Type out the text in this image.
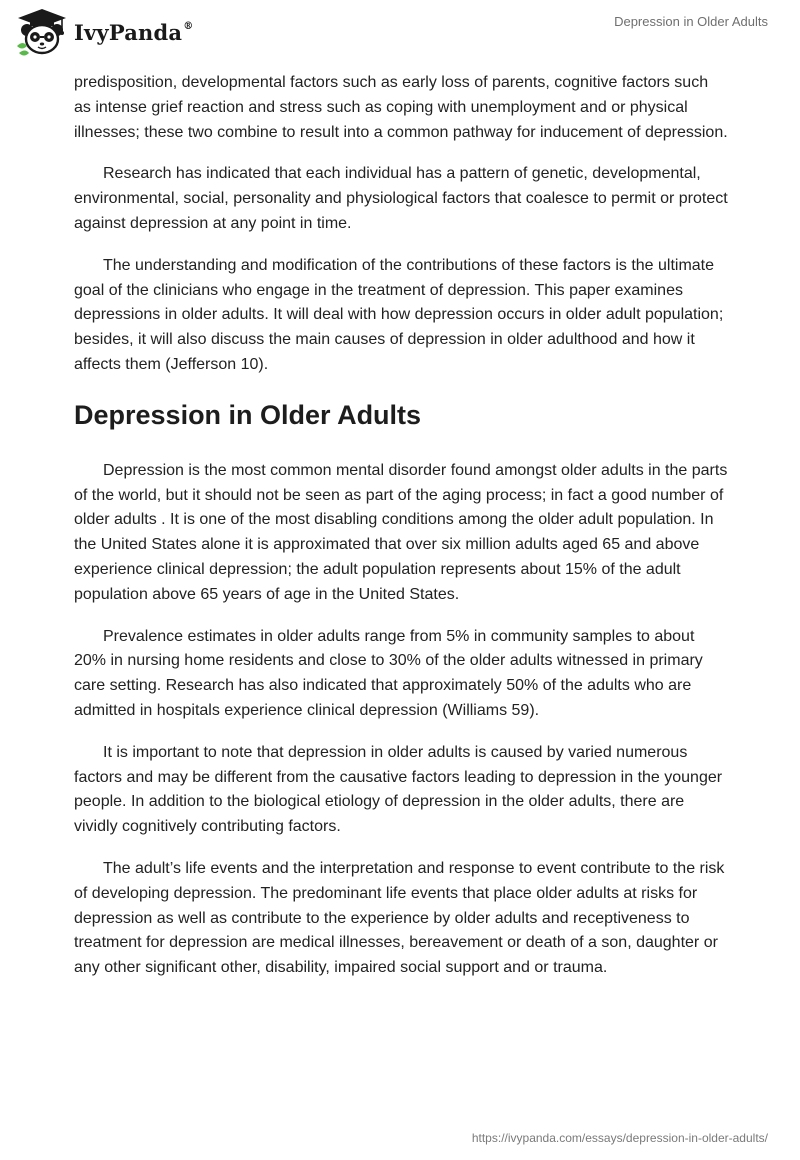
IvyPanda®	Depression in Older Adults

predisposition, developmental factors such as early loss of parents, cognitive factors such as intense grief reaction and stress such as coping with unemployment and or physical illnesses; these two combine to result into a common pathway for inducement of depression.

Research has indicated that each individual has a pattern of genetic, developmental, environmental, social, personality and physiological factors that coalesce to permit or protect against depression at any point in time.

The understanding and modification of the contributions of these factors is the ultimate goal of the clinicians who engage in the treatment of depression. This paper examines depressions in older adults. It will deal with how depression occurs in older adult population; besides, it will also discuss the main causes of depression in older adulthood and how it affects them (Jefferson 10).

Depression in Older Adults

Depression is the most common mental disorder found amongst older adults in the parts of the world, but it should not be seen as part of the aging process; in fact a good number of older adults . It is one of the most disabling conditions among the older adult population. In the United States alone it is approximated that over six million adults aged 65 and above experience clinical depression; the adult population represents about 15% of the adult population above 65 years of age in the United States.

Prevalence estimates in older adults range from 5% in community samples to about 20% in nursing home residents and close to 30% of the older adults witnessed in primary care setting. Research has also indicated that approximately 50% of the adults who are admitted in hospitals experience clinical depression (Williams 59).

It is important to note that depression in older adults is caused by varied numerous factors and may be different from the causative factors leading to depression in the younger people. In addition to the biological etiology of depression in the older adults, there are vividly cognitively contributing factors.

The adult’s life events and the interpretation and response to event contribute to the risk of developing depression. The predominant life events that place older adults at risks for depression as well as contribute to the experience by older adults and receptiveness to treatment for depression are medical illnesses, bereavement or death of a son, daughter or any other significant other, disability, impaired social support and or trauma.

https://ivypanda.com/essays/depression-in-older-adults/
